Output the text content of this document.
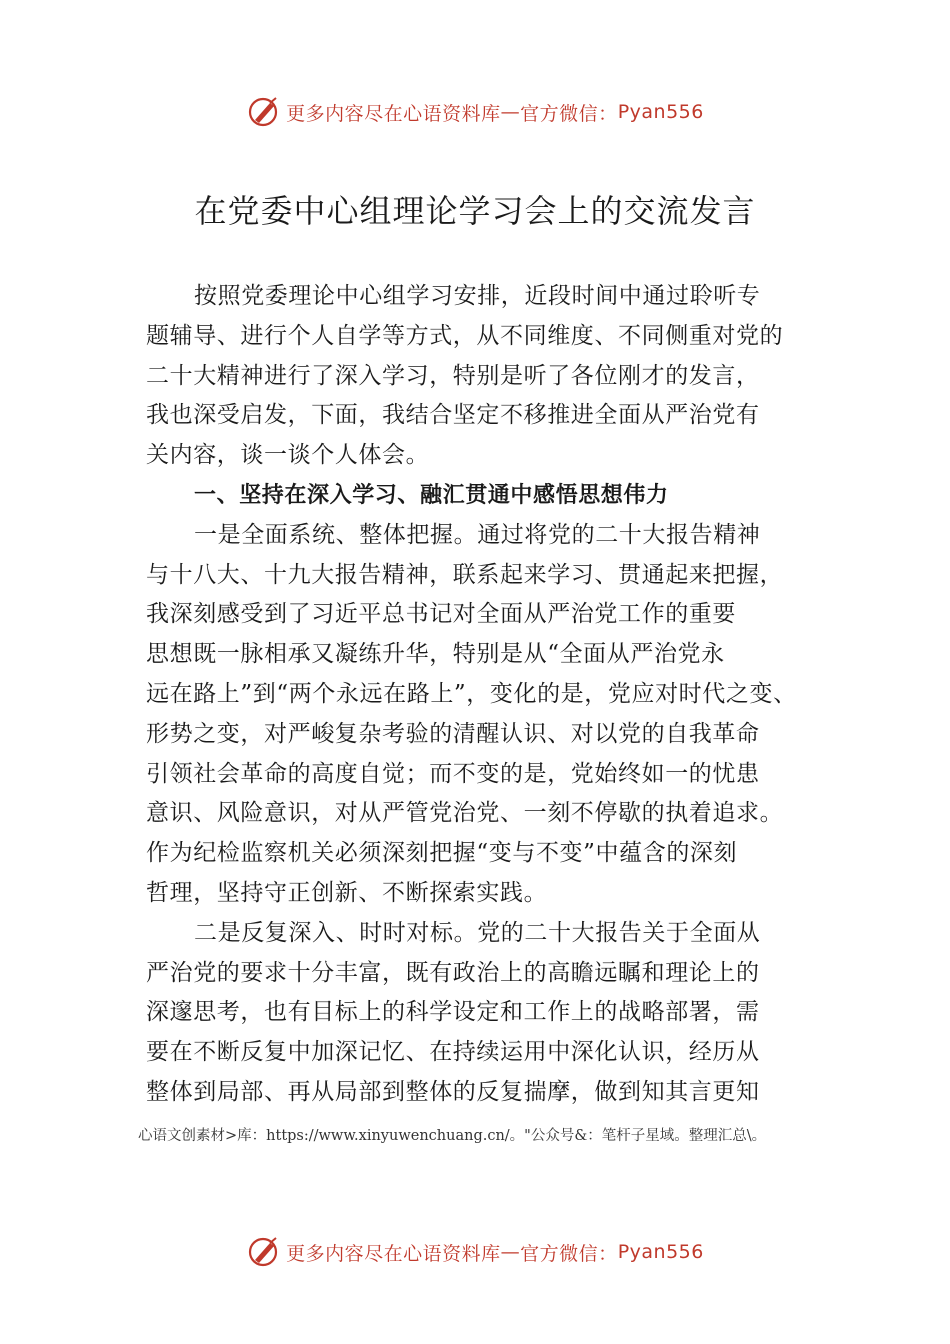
更多内容尽在心语资料库 — 官方微信： Pyan556
在党委中心组理论学习会上的交流发言
按照党委理论中心组学习安排，近段时间中通过聆听专
题辅导、进行个人自学等方式，从不同维度、不同侧重对党的
二十大精神进行了深入学习，特别是听了各位刚才的发言，
我也深受启发，下面，我结合坚定不移推进全面从严治党有
关内容，谈一谈个人体会。
一、坚持在深入学习、融汇贯通中感悟思想伟力
一是全面系统、整体把握。通过将党的二十大报告精神
与十八大、十九大报告精神，联系起来学习、贯通起来把握，
我深刻感受到了习近平总书记对全面从严治党工作的重要
思想既一脉相承又凝练升华，特别是从“全面从严治党永
远在路上”到“两个永远在路上”，变化的是，党应对时代之变、
形势之变，对严峻复杂考验的清醒认识、对以党的自我革命
引领社会革命的高度自觉；而不变的是，党始终如一的忧患
意识、风险意识，对从严管党治党、一刻不停歇的执着追求。
作为纪检监察机关必须深刻把握“变与不变”中蕴含的深刻
哲理，坚持守正创新、不断探索实践。
二是反复深入、时时对标。党的二十大报告关于全面从
严治党的要求十分丰富，既有政治上的高瞻远瞩和理论上的
深邃思考，也有目标上的科学设定和工作上的战略部署，需
要在不断反复中加深记忆、在持续运用中深化认识，经历从
整体到局部、再从局部到整体的反复揣摩，做到知其言更知
心语文创素材>库：https://www.xinyuwenchuang.cn/。"公众号&：笔杆子星域。整理汇总\。
更多内容尽在心语资料库 — 官方微信： Pyan556
